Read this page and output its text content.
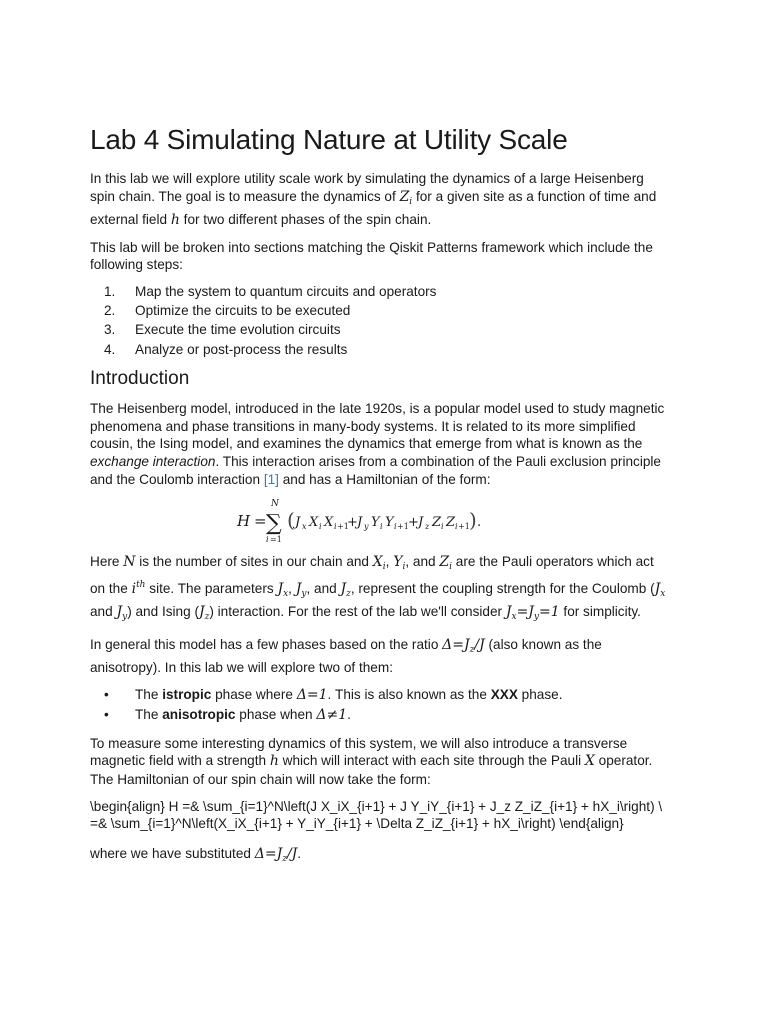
Lab 4 Simulating Nature at Utility Scale

In this lab we will explore utility scale work by simulating the dynamics of a large Heisenberg spin chain. The goal is to measure the dynamics of $Z_i$ for a given site as a function of time and external field h for two different phases of the spin chain.

This lab will be broken into sections matching the Qiskit Patterns framework which include the following steps:

1. Map the system to quantum circuits and operators
2. Optimize the circuits to be executed
3. Execute the time evolution circuits
4. Analyze or post-process the results
Introduction

The Heisenberg model, introduced in the late 1920s, is a popular model used to study magnetic phenomena and phase transitions in many-body systems. It is related to its more simplified cousin, the Ising model, and examines the dynamics that emerge from what is known as the exchange interaction. This interaction arises from a combination of the Pauli exclusion principle and the Coulomb interaction [1] and has a Hamiltonian of the form:

H = ∑
N
i =1
( J x X i X i +1
+ J y Y i Y i +1 + J z Z i Z i +1 ) .

Here N is the number of sites in our chain and $X_i$, $Y_i$, and $Z_i$ are the Pauli operators which act on the $i^{th}$ site. The parameters $J_x$, $J_y$, and $J_z$, represent the coupling strength for the Coulomb ($J_x$ and $J_y$) and Ising $(J_z)$ interaction. For the rest of the lab we'll consider $J_x=J_y=1$ for simplicity.

In general this model has a few phases based on the ratio $\Delta=J_z/J$ (also known as the anisotropy). In this lab we will explore two of them:

• The istropic phase where Δ=1. This is also known as the XXX phase.
• The anisotropic phase when Δ≠1.

To measure some interesting dynamics of this system, we will also introduce a transverse magnetic field with a strength h which will interact with each site through the Pauli X operator. The Hamiltonian of our spin chain will now take the form:

\begin{align} H =& \sum_{i=1}^N\left(J X_iX_{i+1} + J Y_iY_{i+1} + J_z Z_iZ_{i+1} + hX_i\right) \ =& \sum_{i=1}^N\left(X_iX_{i+1} + Y_iY_{i+1} + \Delta Z_iZ_{i+1} + hX_i\right) \end{align}

where we have substituted $\Delta=J_z/J$.
